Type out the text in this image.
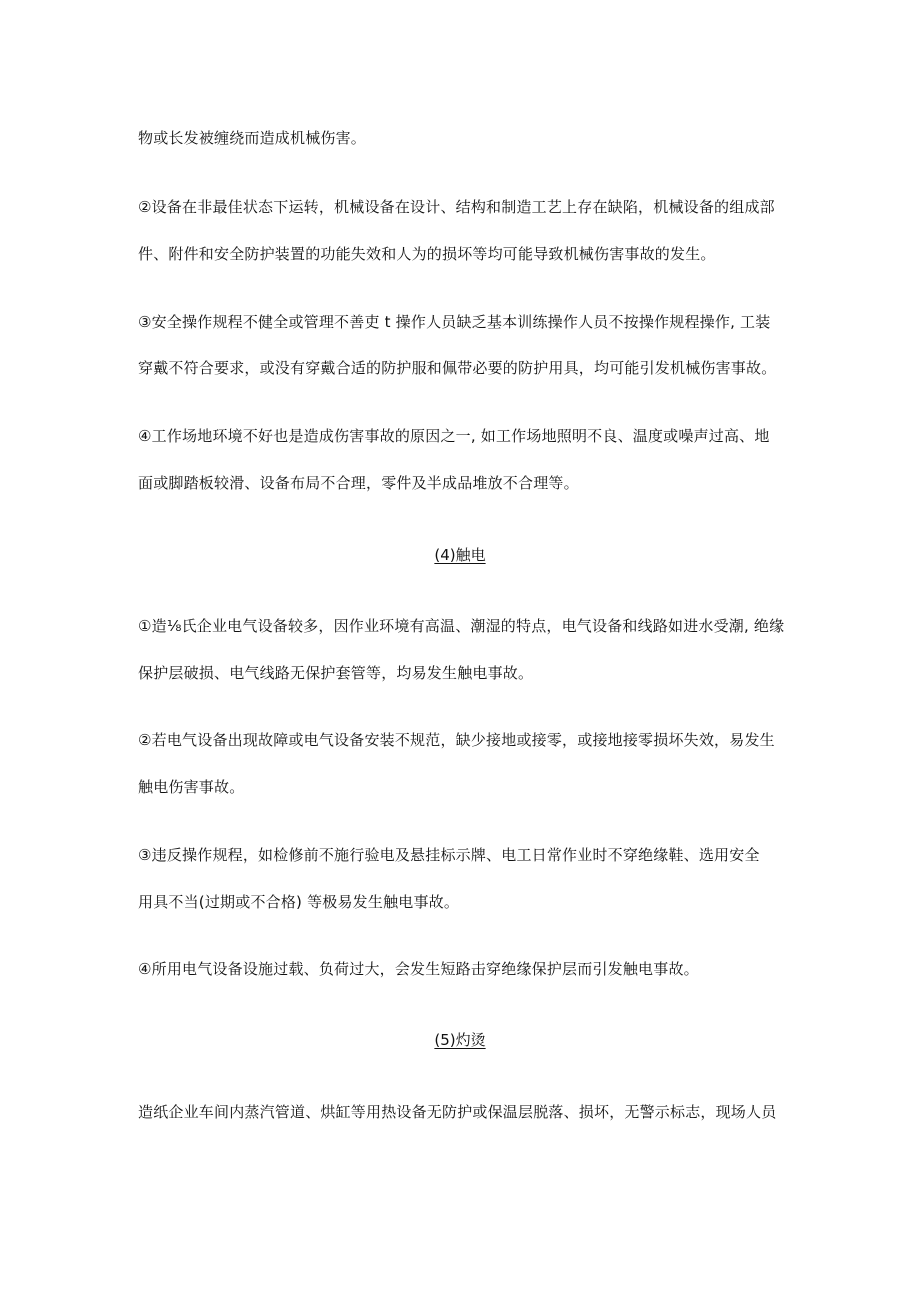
物或长发被缠绕而造成机械伤害。
②设备在非最佳状态下运转，机械设备在设计、结构和制造工艺上存在缺陷，机械设备的组成部
件、附件和安全防护装置的功能失效和人为的损坏等均可能导致机械伤害事故的发生。
③安全操作规程不健全或管理不善吏 t 操作人员缺乏基本训练操作人员不按操作规程操作, 工装
穿戴不符合要求，或没有穿戴合适的防护服和佩带必要的防护用具，均可能引发机械伤害事故。
④工作场地环境不好也是造成伤害事故的原因之一, 如工作场地照明不良、温度或噪声过高、地
面或脚踏板较滑、设备布局不合理，零件及半成品堆放不合理等。
(4)触电
①造⅛氏企业电气设备较多，因作业环境有高温、潮湿的特点，电气设备和线路如进水受潮, 绝缘
保护层破损、电气线路无保护套管等，均易发生触电事故。
②若电气设备出现故障或电气设备安装不规范，缺少接地或接零，或接地接零损坏失效，易发生
触电伤害事故。
③违反操作规程，如检修前不施行验电及悬挂标示牌、电工日常作业时不穿绝缘鞋、选用安全
用具不当(过期或不合格) 等极易发生触电事故。
④所用电气设备设施过载、负荷过大，会发生短路击穿绝缘保护层而引发触电事故。
(5)灼烫
造纸企业车间内蒸汽管道、烘缸等用热设备无防护或保温层脱落、损坏，无警示标志，现场人员
